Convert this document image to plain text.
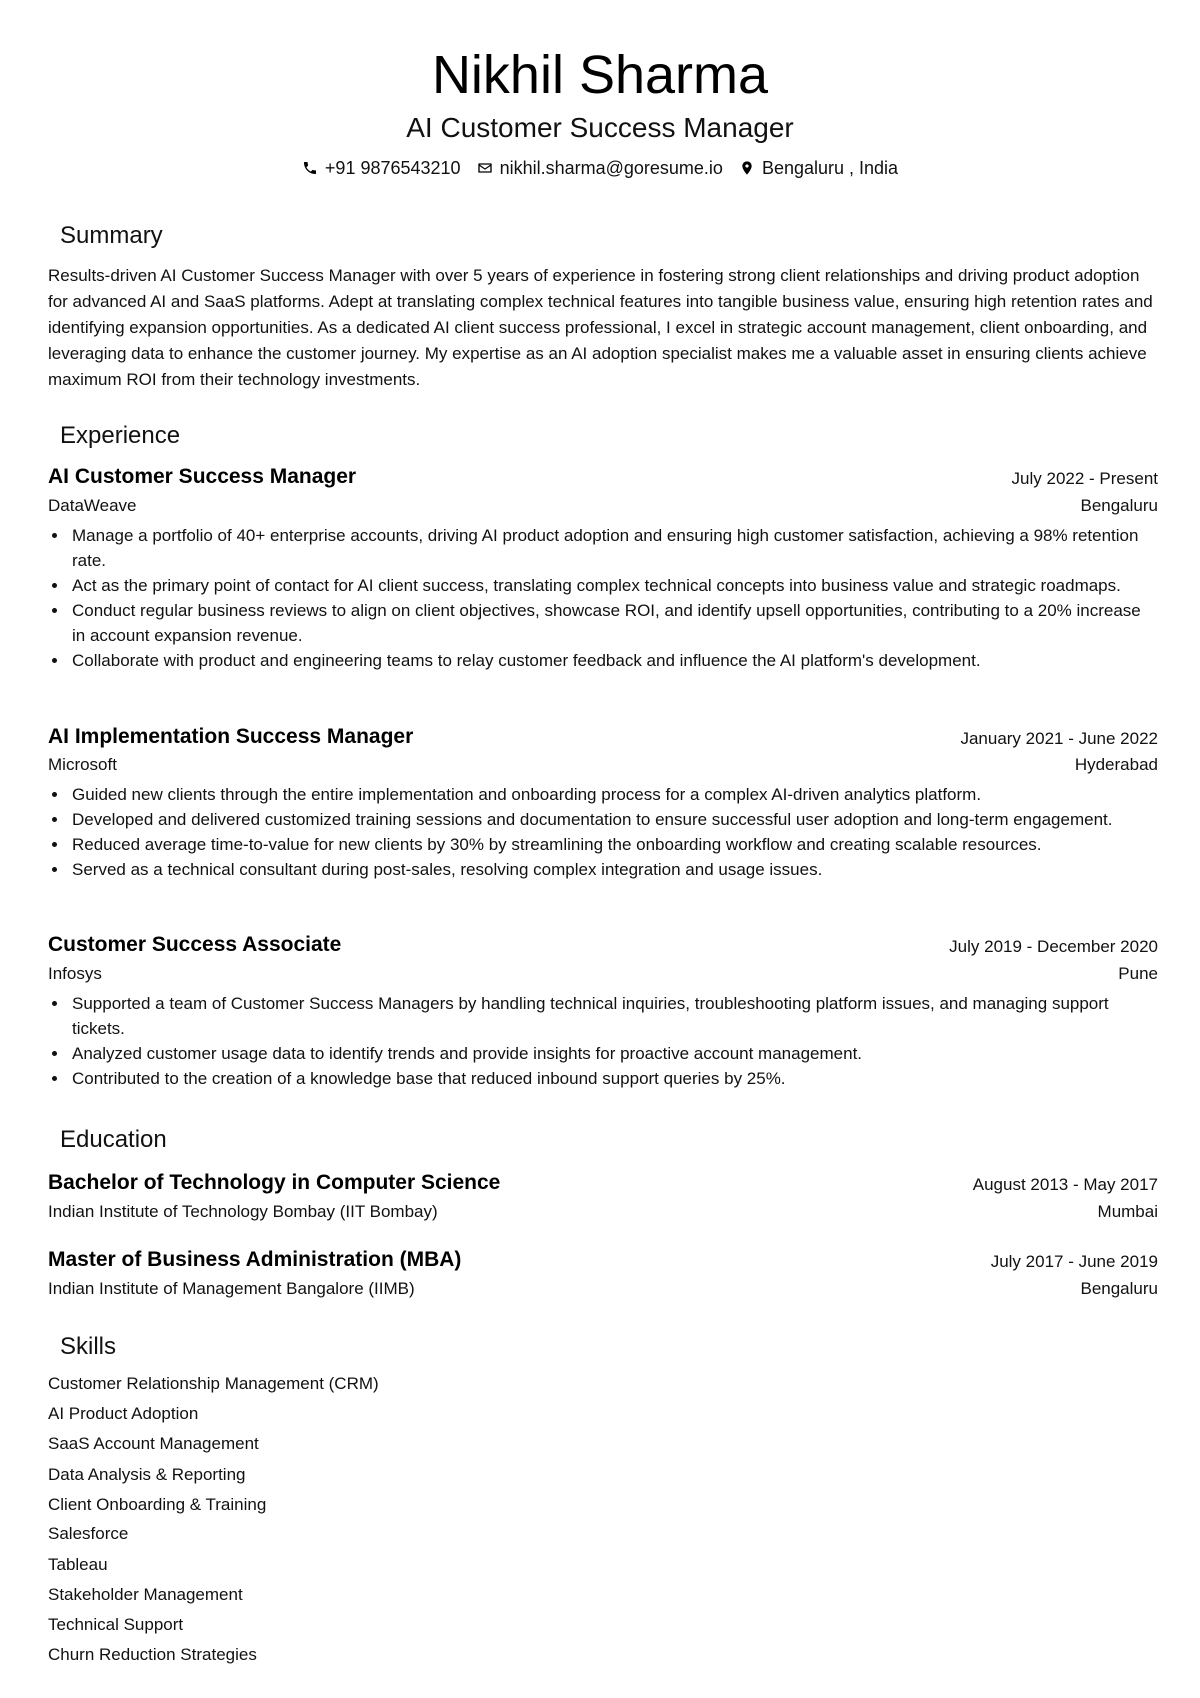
Nikhil Sharma
AI Customer Success Manager
+91 9876543210 nikhil.sharma@goresume.io Bengaluru , India
Summary
Results-driven AI Customer Success Manager with over 5 years of experience in fostering strong client relationships and driving product adoption for advanced AI and SaaS platforms. Adept at translating complex technical features into tangible business value, ensuring high retention rates and identifying expansion opportunities. As a dedicated AI client success professional, I excel in strategic account management, client onboarding, and leveraging data to enhance the customer journey. My expertise as an AI adoption specialist makes me a valuable asset in ensuring clients achieve maximum ROI from their technology investments.
Experience
AI Customer Success Manager	July 2022 - Present
DataWeave	Bengaluru
Manage a portfolio of 40+ enterprise accounts, driving AI product adoption and ensuring high customer satisfaction, achieving a 98% retention rate.
Act as the primary point of contact for AI client success, translating complex technical concepts into business value and strategic roadmaps.
Conduct regular business reviews to align on client objectives, showcase ROI, and identify upsell opportunities, contributing to a 20% increase in account expansion revenue.
Collaborate with product and engineering teams to relay customer feedback and influence the AI platform's development.
AI Implementation Success Manager	January 2021 - June 2022
Microsoft	Hyderabad
Guided new clients through the entire implementation and onboarding process for a complex AI-driven analytics platform.
Developed and delivered customized training sessions and documentation to ensure successful user adoption and long-term engagement.
Reduced average time-to-value for new clients by 30% by streamlining the onboarding workflow and creating scalable resources.
Served as a technical consultant during post-sales, resolving complex integration and usage issues.
Customer Success Associate	July 2019 - December 2020
Infosys	Pune
Supported a team of Customer Success Managers by handling technical inquiries, troubleshooting platform issues, and managing support tickets.
Analyzed customer usage data to identify trends and provide insights for proactive account management.
Contributed to the creation of a knowledge base that reduced inbound support queries by 25%.
Education
Bachelor of Technology in Computer Science	August 2013 - May 2017
Indian Institute of Technology Bombay (IIT Bombay)	Mumbai
Master of Business Administration (MBA)	July 2017 - June 2019
Indian Institute of Management Bangalore (IIMB)	Bengaluru
Skills
Customer Relationship Management (CRM)
AI Product Adoption
SaaS Account Management
Data Analysis & Reporting
Client Onboarding & Training
Salesforce
Tableau
Stakeholder Management
Technical Support
Churn Reduction Strategies
